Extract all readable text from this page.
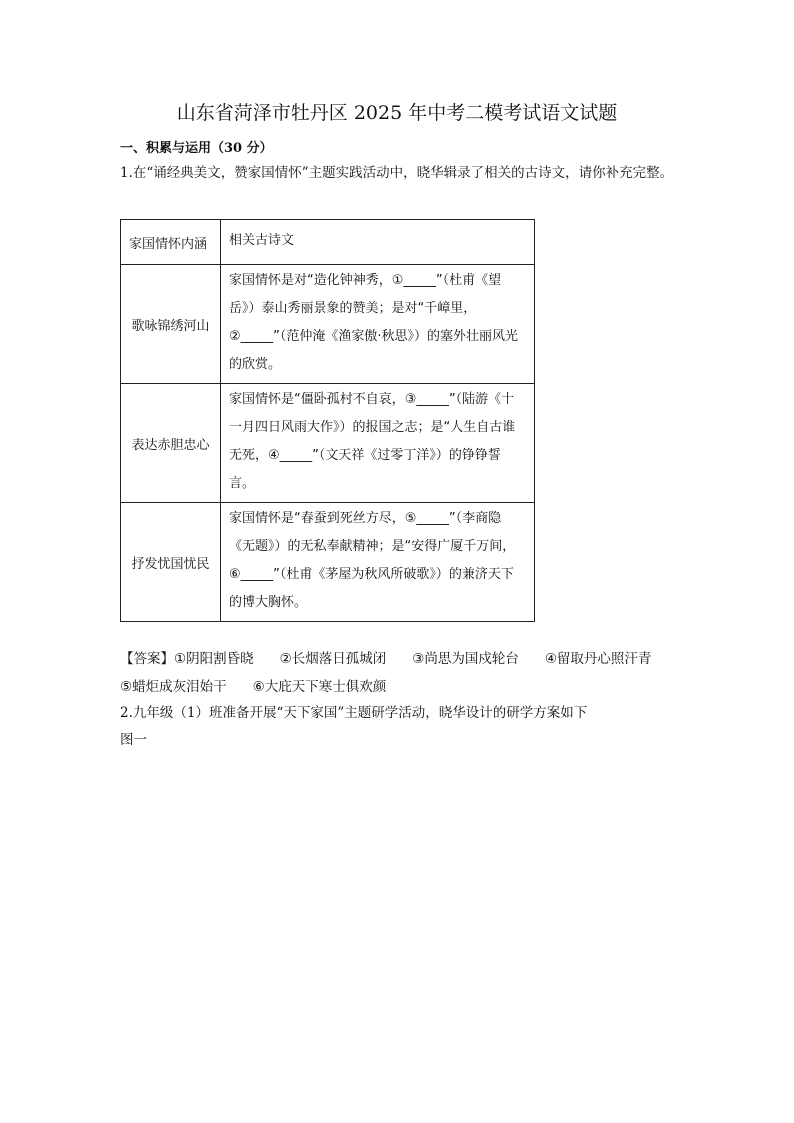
山东省菏泽市牡丹区 2025 年中考二模考试语文试题
一、积累与运用（30 分）

1.在“诵经典美文，赞家国情怀”主题实践活动中，晓华辑录了相关的古诗文，请你补充完整。

家国情怀内涵	相关古诗文
歌咏锦绣河山	家国情怀是对“造化钟神秀，①_____”（杜甫《望岳》）泰山秀丽景象的赞美；是对“千嶂里，②_____”（范仲淹《渔家傲·秋思》）的塞外壮丽风光的欣赏。
表达赤胆忠心	家国情怀是“僵卧孤村不自哀，③_____”（陆游《十一月四日风雨大作》）的报国之志；是“人生自古谁无死，④_____”（文天祥《过零丁洋》）的铮铮誓言。
抒发忧国忧民	家国情怀是“春蚕到死丝方尽，⑤_____”（李商隐《无题》）的无私奉献精神；是“安得广厦千万间，⑥_____”（杜甫《茅屋为秋风所破歌》）的兼济天下的博大胸怀。
【答案】①阴阳割昏晓 ②长烟落日孤城闭 ③尚思为国戍轮台 ④留取丹心照汗青
⑤蜡炬成灰泪始干 ⑥大庇天下寒士俱欢颜

2.九年级（1）班准备开展“天下家国”主题研学活动，晓华设计的研学方案如下

图一
